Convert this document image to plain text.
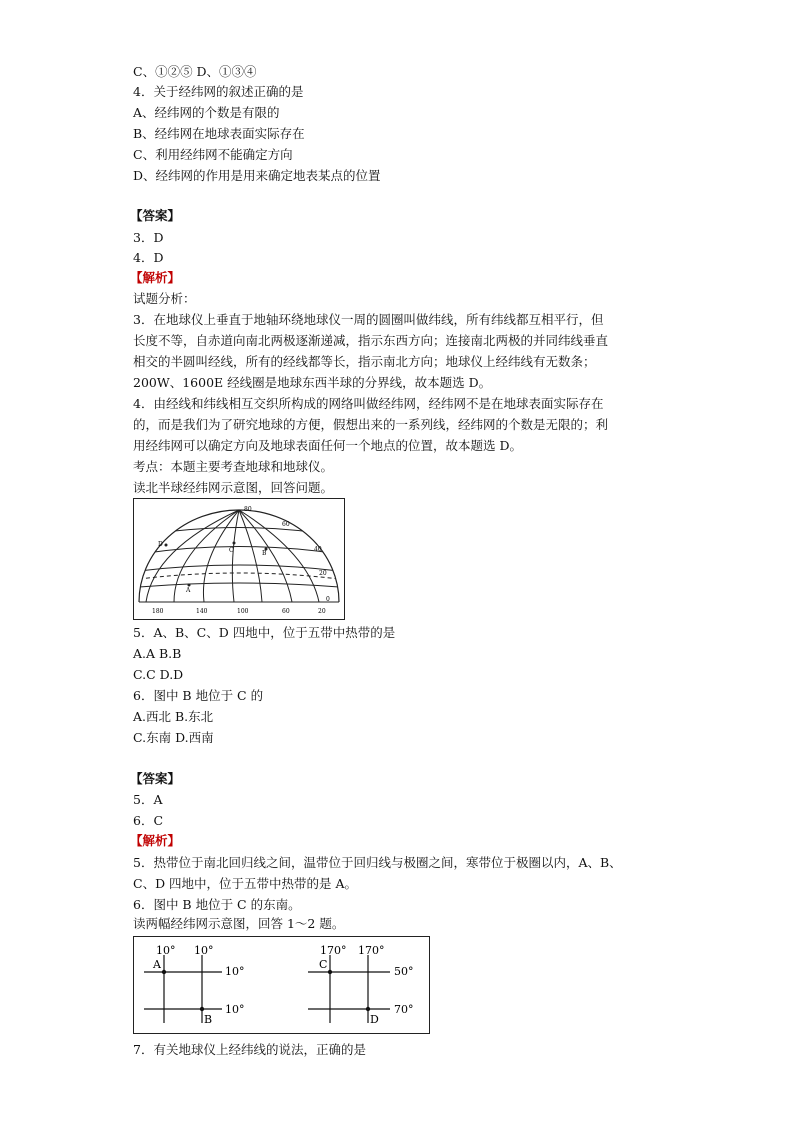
C、①②⑤ D、①③④
4．关于经纬网的叙述正确的是
A、经纬网的个数是有限的
B、经纬网在地球表面实际存在
C、利用经纬网不能确定方向
D、经纬网的作用是用来确定地表某点的位置
【答案】
3．D
4．D
【解析】
试题分析：
3．在地球仪上垂直于地轴环绕地球仪一周的圆圈叫做纬线，所有纬线都互相平行，但
长度不等，自赤道向南北两极逐渐递减，指示东西方向；连接南北两极的并同纬线垂直
相交的半圆叫经线，所有的经线都等长，指示南北方向；地球仪上经纬线有无数条；
200W、1600E 经线圈是地球东西半球的分界线，故本题选 D。
4．由经线和纬线相互交织所构成的网络叫做经纬网，经纬网不是在地球表面实际存在
的，而是我们为了研究地球的方便，假想出来的一系列线，经纬网的个数是无限的；利
用经纬网可以确定方向及地球表面任何一个地点的位置，故本题选 D。
考点：本题主要考查地球和地球仪。
读北半球经纬网示意图，回答问题。
80
60
40
20
0
180	140	100	60	20
D
C	B
A
5．A、B、C、D 四地中，位于五带中热带的是
A.A B.B
C.C D.D
6．图中 B 地位于 C 的
A.西北 B.东北
C.东南 D.西南
【答案】
5．A
6．C
【解析】
5．热带位于南北回归线之间，温带位于回归线与极圈之间，寒带位于极圈以内，A、B、
C、D 四地中，位于五带中热带的是 A。
6．图中 B 地位于 C 的东南。
读两幅经纬网示意图，回答 1～2 题。
10° 10°
10°
10°
A
B
170° 170°
50°
70°
C
D
7．有关地球仪上经纬线的说法，正确的是
